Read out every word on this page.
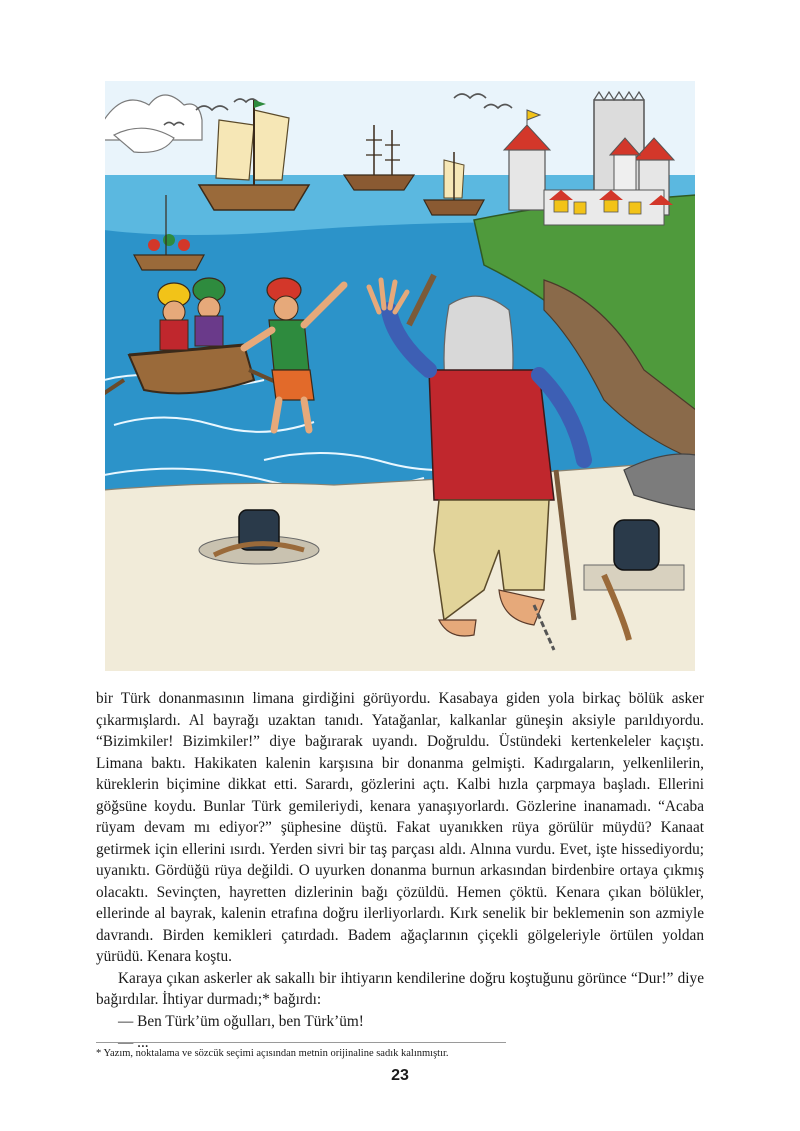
bir Türk donanmasının limana girdiğini görüyordu. Kasabaya giden yola birkaç bölük asker çıkarmışlardı. Al bayrağı uzaktan tanıdı. Yatağanlar, kalkanlar güneşin aksiyle parıldıyordu. “Bizimkiler! Bizimkiler!” diye bağırarak uyandı. Doğruldu. Üstündeki kertenkeleler kaçıştı. Limana baktı. Hakikaten kalenin karşısına bir donanma gelmişti. Kadırgaların, yelkenlilerin, küreklerin biçimine dikkat etti. Sarardı, gözlerini açtı. Kalbi hızla çarpmaya başladı. Ellerini göğsüne koydu. Bunlar Türk gemileriydi, kenara yanaşıyorlardı. Gözlerine inanamadı. “Acaba rüyam devam mı ediyor?” şüphesine düştü. Fakat uyanıkken rüya görülür müydü? Kanaat getirmek için ellerini ısırdı. Yerden sivri bir taş parçası aldı. Alnına vurdu. Evet, işte hissediyordu; uyanıktı. Gördüğü rüya değildi. O uyurken donanma burnun arkasından birdenbire ortaya çıkmış olacaktı. Sevinçten, hayretten dizlerinin bağı çözüldü. Hemen çöktü. Kenara çıkan bölükler, ellerinde al bayrak, kalenin etrafına doğru ilerliyorlardı. Kırk senelik bir beklemenin son azmiyle davrandı. Birden kemikleri çatırdadı. Badem ağaçlarının çiçekli gölgeleriyle örtülen yoldan yürüdü. Kenara koştu.

Karaya çıkan askerler ak sakallı bir ihtiyarın kendilerine doğru koştuğunu görünce “Dur!” diye bağırdılar. İhtiyar durmadı;* bağırdı:

— Ben Türk’üm oğulları, ben Türk’üm!

— ...

* Yazım, noktalama ve sözcük seçimi açısından metnin orijinaline sadık kalınmıştır.
23
